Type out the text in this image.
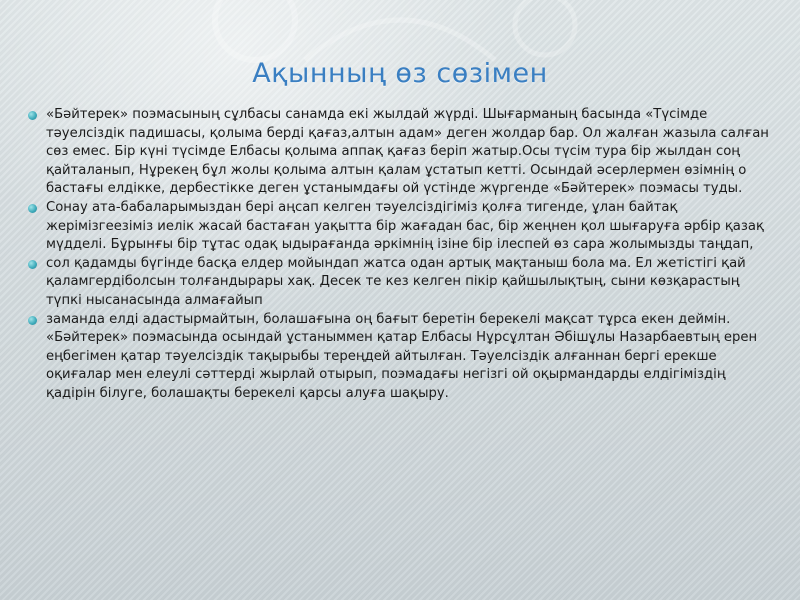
Ақынның өз сөзімен

«Бәйтерек» поэмасының сұлбасы санамда екі жылдай жүрді. Шығарманың басында «Түсімде тәуелсіздік падишасы, қолыма берді қағаз,алтын адам» деген жолдар бар. Ол жалған жазыла салған сөз емес. Бір күні түсімде Елбасы қолыма аппақ қағаз беріп жатыр.Осы түсім тура бір жылдан соң қайталанып, Нұрекең бұл жолы қолыма алтын қалам ұстатып кетті. Осындай әсерлермен өзімнің о бастағы елдікке, дербестікке деген ұстанымдағы ой үстінде жүргенде «Бәйтерек» поэмасы туды.

Сонау ата-бабаларымыздан бері аңсап келген тәуелсіздігіміз қолға тигенде, ұлан байтақ жерімізгеезіміз иелік жасай бастаған уақытта бір жағадан бас, бір жеңнен қол шығаруға әрбір қазақ мүдделі. Бұрынғы бір тұтас одақ ыдырағанда әркімнің ізіне бір ілеспей өз сара жолымызды таңдап,

сол қадамды бүгінде басқа елдер мойындап жатса одан артық мақтаныш бола ма. Ел жетістігі қай қаламгердіболсын толғандырары хақ. Десек те кез келген пікір қайшылықтың, сыни көзқарастың түпкі нысанасында алмағайып

заманда елді адастырмайтын, болашағына оң бағыт беретін берекелі мақсат тұрса екен деймін. «Бәйтерек» поэмасында осындай ұстаныммен қатар Елбасы Нұрсұлтан Әбішұлы Назарбаевтың ерен еңбегімен қатар тәуелсіздік тақырыбы тереңдей айтылған. Тәуелсіздік алғаннан бергі ерекше оқиғалар мен елеулі сәттерді жырлай отырып, поэмадағы негізгі ой оқырмандарды елдігіміздің қадірін білуге, болашақты берекелі қарсы алуға шақыру.
